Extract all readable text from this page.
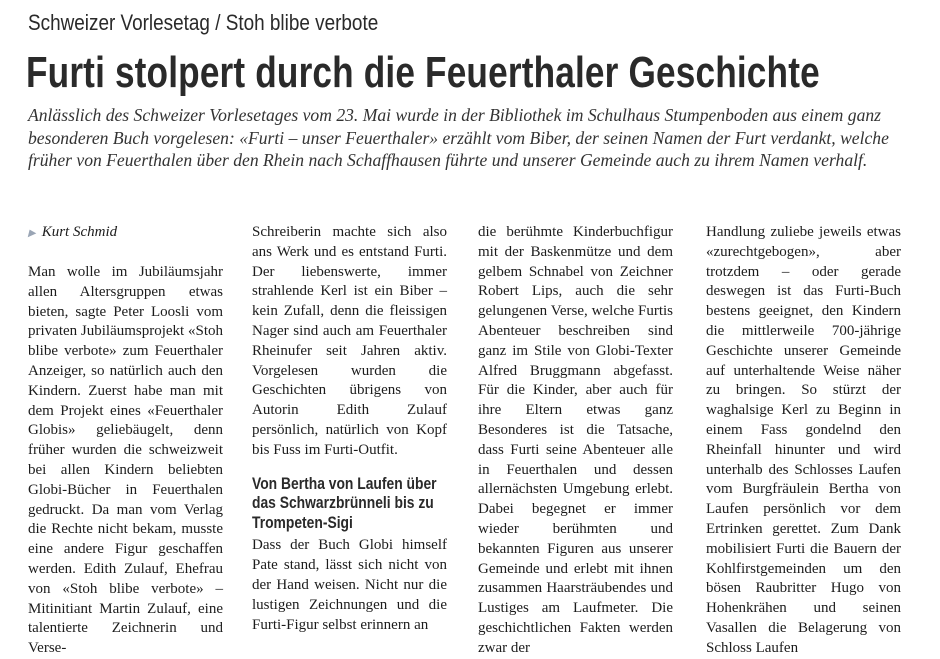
Schweizer Vorlesetag / Stoh blibe verbote
Furti stolpert durch die Feuerthaler Geschichte
Anlässlich des Schweizer Vorlesetages vom 23. Mai wurde in der Bibliothek im Schulhaus Stumpenboden aus einem ganz besonderen Buch vorgelesen: «Furti – unser Feuerthaler» erzählt vom Biber, der seinen Namen der Furt verdankt, welche früher von Feuerthalen über den Rhein nach Schaffhausen führte und unserer Gemeinde auch zu ihrem Namen verhalf.

▶ Kurt Schmid

Man wolle im Jubiläumsjahr allen Altersgruppen etwas bieten, sagte Peter Loosli vom privaten Jubiläumsprojekt «Stoh blibe verbote» zum Feuerthaler Anzeiger, so natürlich auch den Kindern. Zuerst habe man mit dem Projekt eines «Feuerthaler Globis» geliebäugelt, denn früher wurden die schweizweit bei allen Kindern beliebten Globi-Bücher in Feuerthalen gedruckt. Da man vom Verlag die Rechte nicht bekam, musste eine andere Figur geschaffen werden. Edith Zulauf, Ehefrau von «Stoh blibe verbote» – Mitinitiant Martin Zulauf, eine talentierte Zeichnerin und Verse-

Schreiberin machte sich also ans Werk und es entstand Furti. Der liebenswerte, immer strahlende Kerl ist ein Biber – kein Zufall, denn die fleissigen Nager sind auch am Feuerthaler Rheinufer seit Jahren aktiv. Vorgelesen wurden die Geschichten übrigens von Autorin Edith Zulauf persönlich, natürlich von Kopf bis Fuss im Furti-Outfit.

Von Bertha von Laufen über das Schwarzbrünneli bis zu Trompeten-Sigi

Dass der Buch Globi himself Pate stand, lässt sich nicht von der Hand weisen. Nicht nur die lustigen Zeichnungen und die Furti-Figur selbst erinnern an

die berühmte Kinderbuchfigur mit der Baskenmütze und dem gelbem Schnabel von Zeichner Robert Lips, auch die sehr gelungenen Verse, welche Furtis Abenteuer beschreiben sind ganz im Stile von Globi-Texter Alfred Bruggmann abgefasst. Für die Kinder, aber auch für ihre Eltern etwas ganz Besonderes ist die Tatsache, dass Furti seine Abenteuer alle in Feuerthalen und dessen allernächsten Umgebung erlebt. Dabei begegnet er immer wieder berühmten und bekannten Figuren aus unserer Gemeinde und erlebt mit ihnen zusammen Haarsträubendes und Lustiges am Laufmeter. Die geschichtlichen Fakten werden zwar der

Handlung zuliebe jeweils etwas «zurechtgebogen», aber trotzdem – oder gerade deswegen ist das Furti-Buch bestens geeignet, den Kindern die mittlerweile 700-jährige Geschichte unserer Gemeinde auf unterhaltende Weise näher zu bringen. So stürzt der waghalsige Kerl zu Beginn in einem Fass gondelnd den Rheinfall hinunter und wird unterhalb des Schlosses Laufen vom Burgfräulein Bertha von Laufen persönlich vor dem Ertrinken gerettet. Zum Dank mobilisiert Furti die Bauern der Kohlfirstgemeinden um den bösen Raubritter Hugo von Hohenkrähen und seinen Vasallen die Belagerung von Schloss Laufen
